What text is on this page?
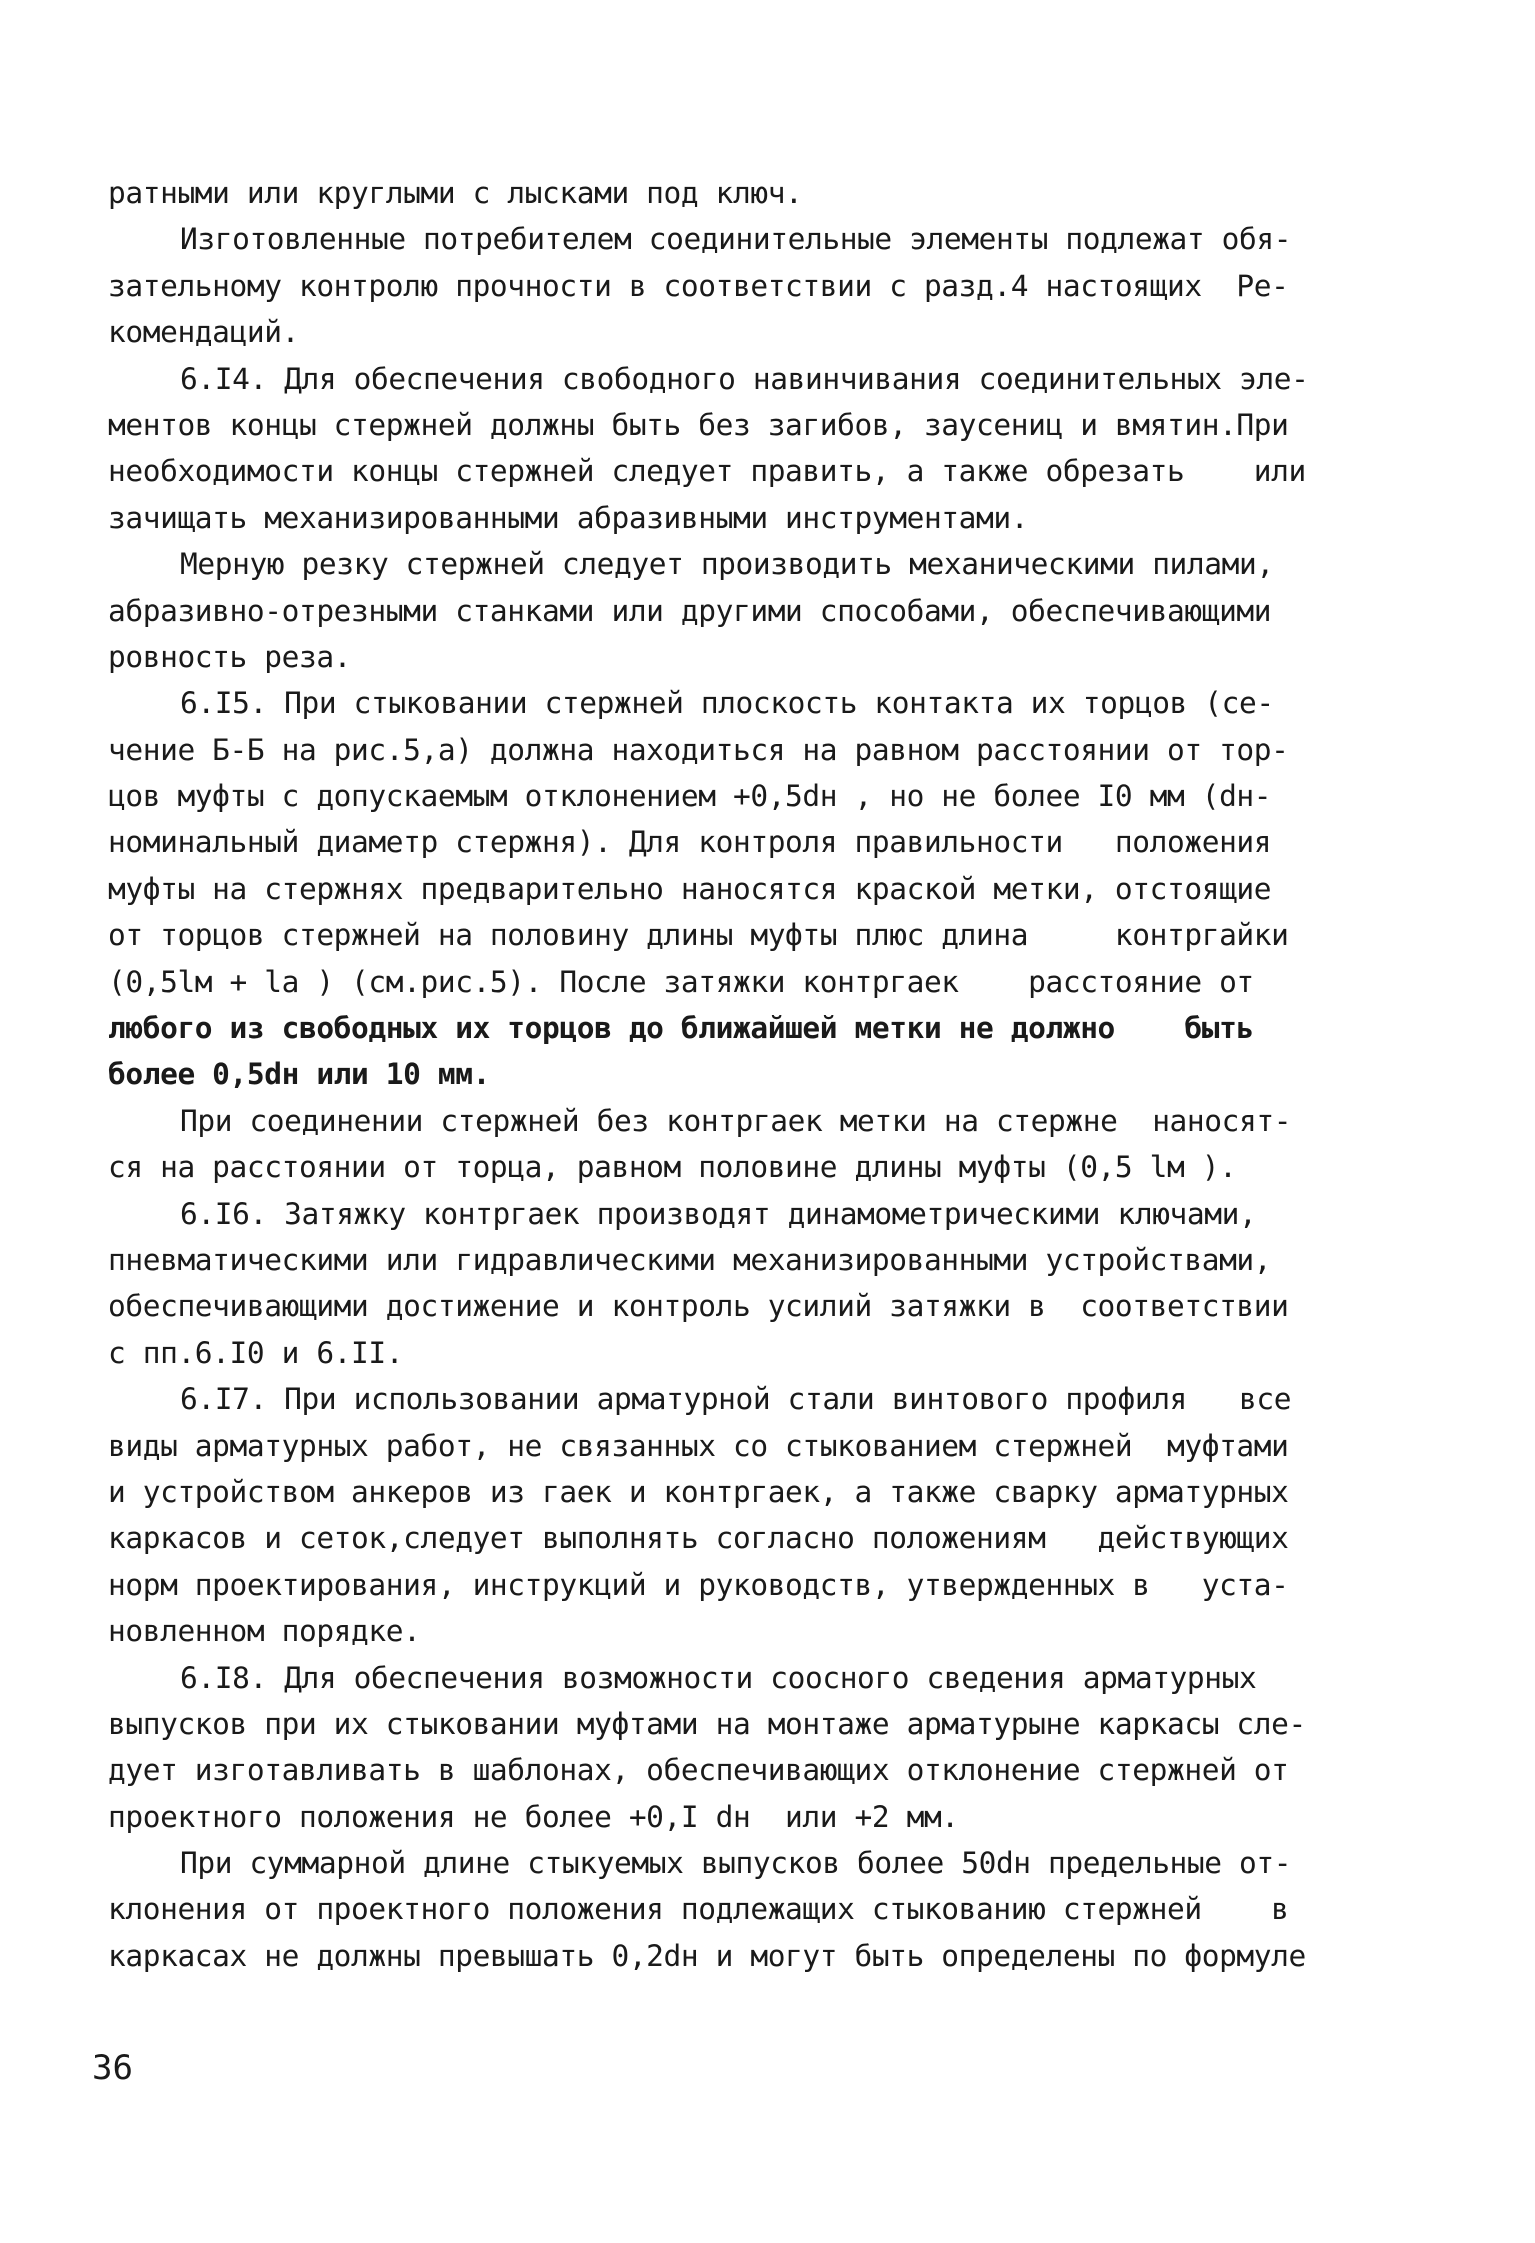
ратными или круглыми с лысками под ключ.
Изготовленные потребителем соединительные элементы подлежат обя-
зательному контролю прочности в соответствии с разд.4 настоящих  Ре-
комендаций.
6.I4. Для обеспечения свободного навинчивания соединительных эле-
ментов концы стержней должны быть без загибов, заусениц и вмятин.При
необходимости концы стержней следует править, а также обрезать    или
зачищать механизированными абразивными инструментами.
Мерную резку стержней следует производить механическими пилами,
абразивно-отрезными станками или другими способами, обеспечивающими
ровность реза.
6.I5. При стыковании стержней плоскость контакта их торцов (се-
чение Б-Б на рис.5,а) должна находиться на равном расстоянии от тор-
цов муфты с допускаемым отклонением +0,5dн , но не более I0 мм (dн-
номинальный диаметр стержня). Для контроля правильности   положения
муфты на стержнях предварительно наносятся краской метки, отстоящие
от торцов стержней на половину длины муфты плюс длина     контргайки
(0,5lм + lа ) (см.рис.5). После затяжки контргаек    расстояние от
любого из свободных их торцов до ближайшей метки не должно    быть
более 0,5dн или 10 мм.
При соединении стержней без контргаек метки на стержне  наносят-
ся на расстоянии от торца, равном половине длины муфты (0,5 lм ).
6.I6. Затяжку контргаек производят динамометрическими ключами,
пневматическими или гидравлическими механизированными устройствами,
обеспечивающими достижение и контроль усилий затяжки в  соответствии
с пп.6.I0 и 6.II.
6.I7. При использовании арматурной стали винтового профиля   все
виды арматурных работ, не связанных со стыкованием стержней  муфтами
и устройством анкеров из гаек и контргаек, а также сварку арматурных
каркасов и сеток,следует выполнять согласно положениям   действующих
норм проектирования, инструкций и руководств, утвержденных в   уста-
новленном порядке.
6.I8. Для обеспечения возможности соосного сведения арматурных
выпусков при их стыковании муфтами на монтаже арматурыне каркасы сле-
дует изготавливать в шаблонах, обеспечивающих отклонение стержней от
проектного положения не более +0,I dн  или +2 мм.
При суммарной длине стыкуемых выпусков более 50dн предельные от-
клонения от проектного положения подлежащих стыкованию стержней    в
каркасах не должны превышать 0,2dн и могут быть определены по формуле
36
